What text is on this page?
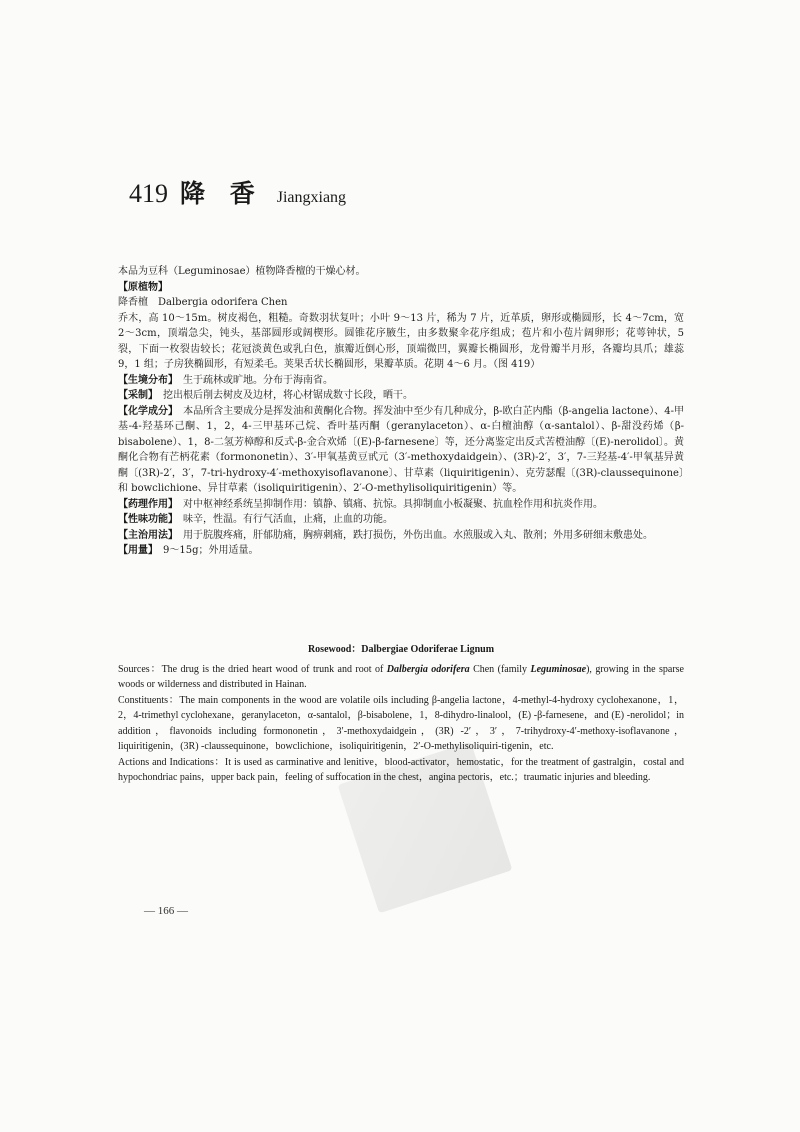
419 降 香 Jiangxiang

本品为豆科（Leguminosae）植物降香檀的干燥心材。

【原植物】

降香檀　Dalbergia odorifera Chen

乔木，高 10～15m。树皮褐色，粗糙。奇数羽状复叶；小叶 9～13 片，稀为 7 片，近革质，卵形或椭圆形，长 4～7cm，宽 2～3cm，顶端急尖，钝头，基部圆形或阔楔形。圆锥花序腋生，由多数聚伞花序组成；苞片和小苞片阔卵形；花萼钟状，5 裂，下面一枚裂齿较长；花冠淡黄色或乳白色，旗瓣近倒心形，顶端微凹，翼瓣长椭圆形，龙骨瓣半月形，各瓣均具爪；雄蕊 9，1 组；子房狭椭圆形，有短柔毛。荚果舌状长椭圆形，果瓣革质。花期 4～6 月。（图 419）

【生境分布】　 生于疏林或旷地。分布于海南省。

【采制】　 挖出根后削去树皮及边材，将心材锯成数寸长段，晒干。

【化学成分】　 本品所含主要成分是挥发油和黄酮化合物。挥发油中至少有几种成分，β-欧白芷内酯（β-angelia lactone）、4-甲基-4-羟基环己酮、1，2，4-三甲基环己烷、香叶基丙酮（geranylaceton）、α-白檀油醇（α-santalol）、β-甜没药烯（β-bisabolene）、1，8-二氢芳樟醇和反式-β-金合欢烯〔(E)-β-farnesene〕等，还分离鉴定出反式苦橙油醇〔(E)-nerolidol〕。黄酮化合物有芒柄花素（formononetin）、3′-甲氧基黄豆甙元（3′-methoxydaidgein）、(3R)-2′，3′，7-三羟基-4′-甲氧基异黄酮〔(3R)-2′，3′，7-tri-hydroxy-4′-methoxyisoflavanone〕、甘草素（liquiritigenin）、克劳瑟醌〔(3R)-claussequinone〕和 bowclichione、异甘草素（isoliquiritigenin）、2′-O-methylisoliquiritigenin）等。

【药理作用】　 对中枢神经系统呈抑制作用：镇静、镇痛、抗惊。具抑制血小板凝聚、抗血栓作用和抗炎作用。

【性味功能】　 味辛，性温。有行气活血，止痛，止血的功能。

【主治用法】　 用于脘腹疼痛，肝郁肋痛，胸痹刺痛，跌打损伤，外伤出血。水煎服或入丸、散剂；外用多研细末敷患处。

【用量】　 9～15g；外用适量。

Rosewood：Dalbergiae Odoriferae Lignum

Sources：The drug is the dried heart wood of trunk and root of Dalbergia odorifera Chen (family Leguminosae), growing in the sparse woods or wilderness and distributed in Hainan.

Constituents：The main components in the wood are volatile oils including β-angelia lactone，4-methyl-4-hydroxy cyclohexanone，1，2，4-trimethyl cyclohexane，geranylaceton，α-santalol，β-bisabolene，1，8-dihydro-linalool，(E) -β-farnesene，and (E) -nerolidol；in addition，flavonoids including formononetin，3′-methoxydaidgein，(3R) -2′，3′，7-trihydroxy-4′-methoxy-isoflavanone，liquiritigenin，(3R) -claussequinone，bowclichione，isoliquiritigenin，2′-O-methylisoliquiri-tigenin，etc.

Actions and Indications：It is used as carminative and lenitive，blood-activator，hemostatic，for the treatment of gastralgin，costal and hypochondriac pains，upper back pain，feeling of suffocation in the chest，angina pectoris，etc.；traumatic injuries and bleeding.

— 166 —
